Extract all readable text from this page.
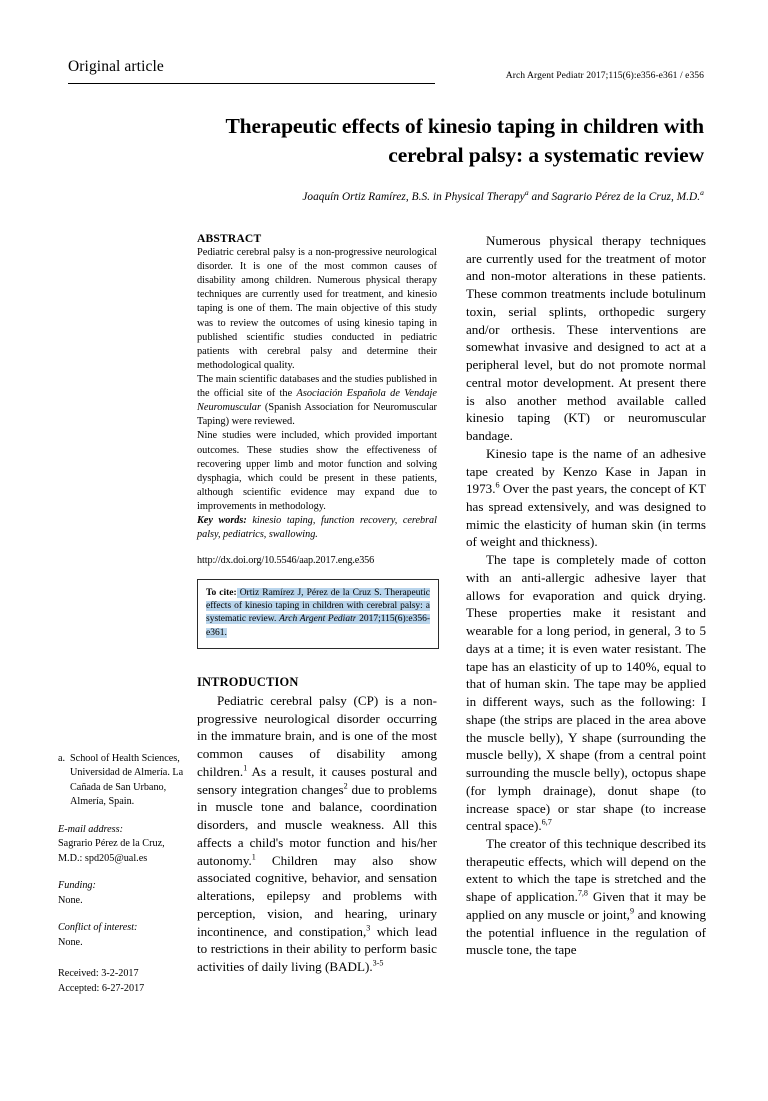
Original article
Arch Argent Pediatr 2017;115(6):e356-e361 / e356
Therapeutic effects of kinesio taping in children with cerebral palsy: a systematic review
Joaquín Ortiz Ramírez, B.S. in Physical Therapy$^a$ and Sagrario Pérez de la Cruz, M.D.$^a$
a. School of Health Sciences, Universidad de Almería. La Cañada de San Urbano, Almería, Spain.
E-mail address:
Sagrario Pérez de la Cruz, M.D.: spd205@ual.es
Funding:
None.
Conflict of interest:
None.
Received: 3-2-2017
Accepted: 6-27-2017
ABSTRACT

Pediatric cerebral palsy is a non-progressive neurological disorder. It is one of the most common causes of disability among children. Numerous physical therapy techniques are currently used for treatment, and kinesio taping is one of them. The main objective of this study was to review the outcomes of using kinesio taping in published scientific studies conducted in pediatric patients with cerebral palsy and determine their methodological quality.

The main scientific databases and the studies published in the official site of the Asociación Española de Vendaje Neuromuscular (Spanish Association for Neuromuscular Taping) were reviewed.

Nine studies were included, which provided important outcomes. These studies show the effectiveness of recovering upper limb and motor function and solving dysphagia, which could be present in these patients, although scientific evidence may expand due to improvements in methodology.

Key words: kinesio taping, function recovery, cerebral palsy, pediatrics, swallowing.

http://dx.doi.org/10.5546/aap.2017.eng.e356

To cite: Ortiz Ramírez J, Pérez de la Cruz S. Therapeutic effects of kinesio taping in children with cerebral palsy: a systematic review. Arch Argent Pediatr 2017;115(6):e356-e361.

INTRODUCTION

Pediatric cerebral palsy (CP) is a non-progressive neurological disorder occurring in the immature brain, and is one of the most common causes of disability among children.$^1$ As a result, it causes postural and sensory integration changes$^2$ due to problems in muscle tone and balance, coordination disorders, and muscle weakness. All this affects a child's motor function and his/her autonomy.$^1$ Children may also show associated cognitive, behavior, and sensation alterations, epilepsy and problems with perception, vision, and hearing, urinary incontinence, and constipation,$^3$ which lead to restrictions in their ability to perform basic activities of daily living (BADL).$^{3-5}$

Numerous physical therapy techniques are currently used for the treatment of motor and non-motor alterations in these patients. These common treatments include botulinum toxin, serial splints, orthopedic surgery and/or orthesis. These interventions are somewhat invasive and designed to act at a peripheral level, but do not promote normal central motor development. At present there is also another method available called kinesio taping (KT) or neuromuscular bandage.

Kinesio tape is the name of an adhesive tape created by Kenzo Kase in Japan in 1973.$^6$ Over the past years, the concept of KT has spread extensively, and was designed to mimic the elasticity of human skin (in terms of weight and thickness).

The tape is completely made of cotton with an anti-allergic adhesive layer that allows for evaporation and quick drying. These properties make it resistant and wearable for a long period, in general, 3 to 5 days at a time; it is even water resistant. The tape has an elasticity of up to 140%, equal to that of human skin. The tape may be applied in different ways, such as the following: I shape (the strips are placed in the area above the muscle belly), Y shape (surrounding the muscle belly), X shape (from a central point surrounding the muscle belly), octopus shape (for lymph drainage), donut shape (to increase space) or star shape (to increase central space).$^{6,7}$

The creator of this technique described its therapeutic effects, which will depend on the extent to which the tape is stretched and the shape of application.$^{7,8}$ Given that it may be applied on any muscle or joint,$^9$ and knowing the potential influence in the regulation of muscle tone, the tape
